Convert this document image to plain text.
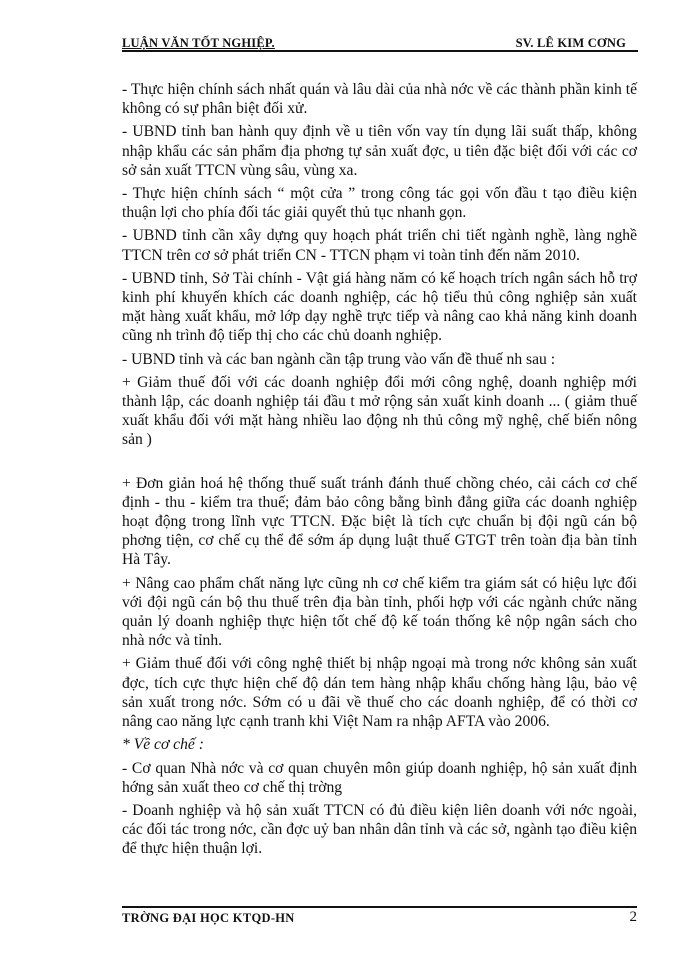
LUẬN VĂN TỐT NGHIỆP.	SV. LÊ KIM CƠNG

- Thực hiện chính sách nhất quán và lâu dài của nhà nớc về các thành phần kinh tế không có sự phân biệt đối xử.

- UBND tỉnh ban hành quy định về u tiên vốn vay tín dụng lãi suất thấp, không nhập khẩu các sản phẩm địa phơng tự sản xuất đợc, u tiên đặc biệt đối với các cơ sở sản xuất TTCN vùng sâu, vùng xa.

- Thực hiện chính sách “ một cửa ” trong công tác gọi vốn đầu t tạo điều kiện thuận lợi cho phía đối tác giải quyết thủ tục nhanh gọn.

- UBND tỉnh cần xây dựng quy hoạch phát triển chi tiết ngành nghề, làng nghề TTCN trên cơ sở phát triển CN - TTCN phạm vi toàn tỉnh đến năm 2010.

- UBND tỉnh, Sở Tài chính - Vật giá hàng năm có kế hoạch trích ngân sách hỗ trợ kinh phí khuyến khích các doanh nghiệp, các hộ tiểu thủ công nghiệp sản xuất mặt hàng xuất khẩu, mở lớp dạy nghề trực tiếp và nâng cao khả năng kinh doanh cũng nh trình độ tiếp thị cho các chủ doanh nghiệp.

- UBND tỉnh và các ban ngành cần tập trung vào vấn đề thuế nh sau :

+ Giảm thuế đối với các doanh nghiệp đổi mới công nghệ, doanh nghiệp mới thành lập, các doanh nghiệp tái đầu t mở rộng sản xuất kinh doanh ... ( giảm thuế xuất khẩu đối với mặt hàng nhiều lao động nh thủ công mỹ nghệ, chế biến nông sản )

+ Đơn giản hoá hệ thống thuế suất tránh đánh thuế chồng chéo, cải cách cơ chế định - thu - kiểm tra thuế; đảm bảo công bằng bình đẳng giữa các doanh nghiệp hoạt động trong lĩnh vực TTCN. Đặc biệt là tích cực chuẩn bị đội ngũ cán bộ phơng tiện, cơ chế cụ thể để sớm áp dụng luật thuế GTGT trên toàn địa bàn tỉnh Hà Tây.

+ Nâng cao phẩm chất năng lực cũng nh cơ chế kiểm tra giám sát có hiệu lực đối với đội ngũ cán bộ thu thuế trên địa bàn tỉnh, phối hợp với các ngành chức năng quản lý doanh nghiệp thực hiện tốt chế độ kế toán thống kê nộp ngân sách cho nhà nớc và tỉnh.

+ Giảm thuế đối với công nghệ thiết bị nhập ngoại mà trong nớc không sản xuất đợc, tích cực thực hiện chế độ dán tem hàng nhập khẩu chống hàng lậu, bảo vệ sản xuất trong nớc. Sớm có u đãi về thuế cho các doanh nghiệp, để có thời cơ nâng cao năng lực cạnh tranh khi Việt Nam ra nhập AFTA vào 2006.

* Về cơ chế :

- Cơ quan Nhà nớc và cơ quan chuyên môn giúp doanh nghiệp, hộ sản xuất định hớng sản xuất theo cơ chế thị trờng

- Doanh nghiệp và hộ sản xuất TTCN có đủ điều kiện liên doanh với nớc ngoài, các đối tác trong nớc, cần đợc uỷ ban nhân dân tỉnh và các sở, ngành tạo điều kiện để thực hiện thuận lợi.

TRỜNG ĐẠI HỌC KTQD-HN	2
